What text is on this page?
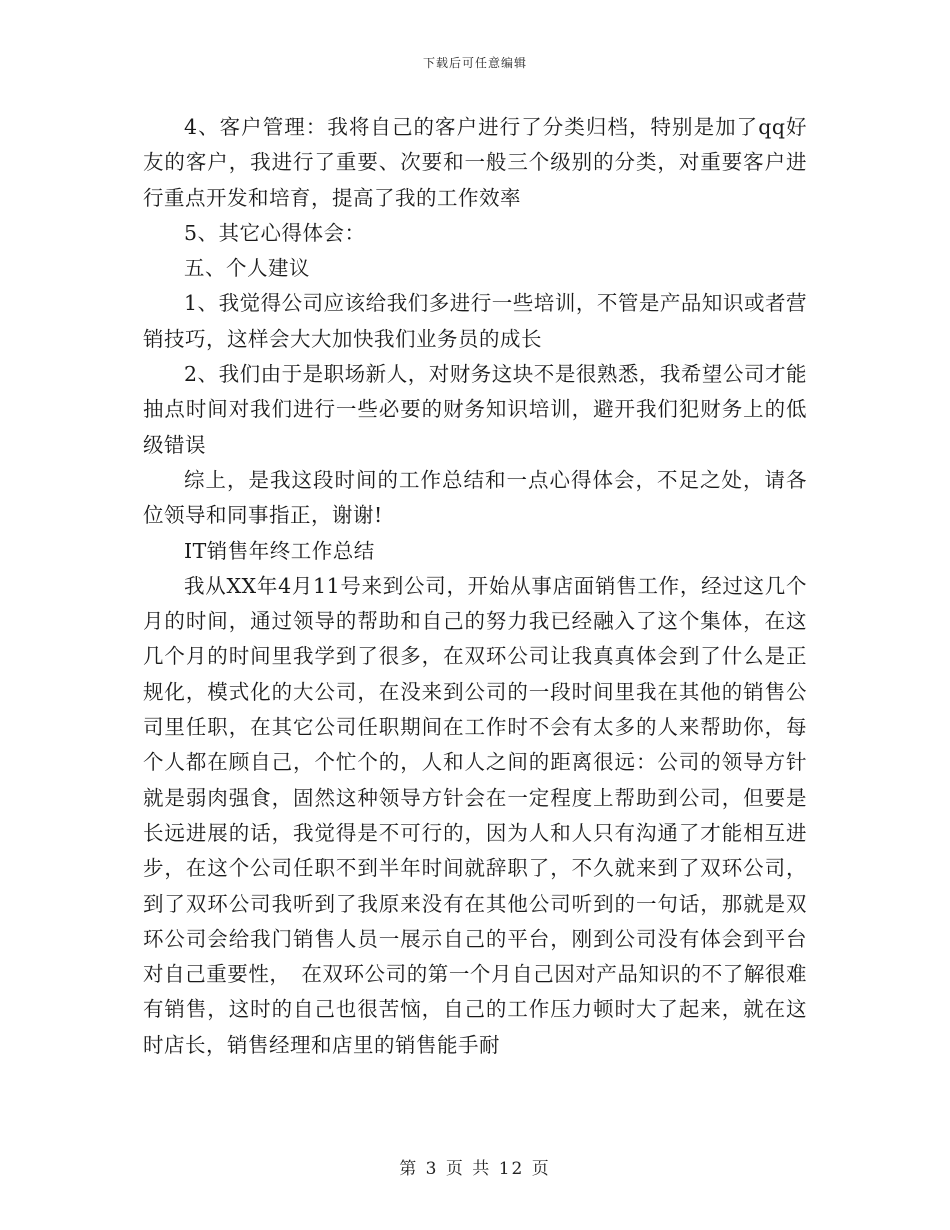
下载后可任意编辑

4、客户管理：我将自己的客户进行了分类归档，特别是加了qq好友的客户，我进行了重要、次要和一般三个级别的分类，对重要客户进行重点开发和培育，提高了我的工作效率

5、其它心得体会：

五、个人建议

1、我觉得公司应该给我们多进行一些培训，不管是产品知识或者营销技巧，这样会大大加快我们业务员的成长

2、我们由于是职场新人，对财务这块不是很熟悉，我希望公司才能抽点时间对我们进行一些必要的财务知识培训，避开我们犯财务上的低级错误

综上，是我这段时间的工作总结和一点心得体会，不足之处，请各位领导和同事指正，谢谢!

IT销售年终工作总结

我从XX年4月11号来到公司，开始从事店面销售工作，经过这几个月的时间，通过领导的帮助和自己的努力我已经融入了这个集体，在这几个月的时间里我学到了很多，在双环公司让我真真体会到了什么是正规化，模式化的大公司，在没来到公司的一段时间里我在其他的销售公司里任职，在其它公司任职期间在工作时不会有太多的人来帮助你，每个人都在顾自己，个忙个的，人和人之间的距离很远：公司的领导方针就是弱肉强食，固然这种领导方针会在一定程度上帮助到公司，但要是长远进展的话，我觉得是不可行的，因为人和人只有沟通了才能相互进步，在这个公司任职不到半年时间就辞职了，不久就来到了双环公司，到了双环公司我听到了我原来没有在其他公司听到的一句话，那就是双环公司会给我门销售人员一展示自己的平台，刚到公司没有体会到平台对自己重要性，　在双环公司的第一个月自己因对产品知识的不了解很难有销售，这时的自己也很苦恼，自己的工作压力顿时大了起来，就在这时店长，销售经理和店里的销售能手耐

第 3 页 共 12 页
